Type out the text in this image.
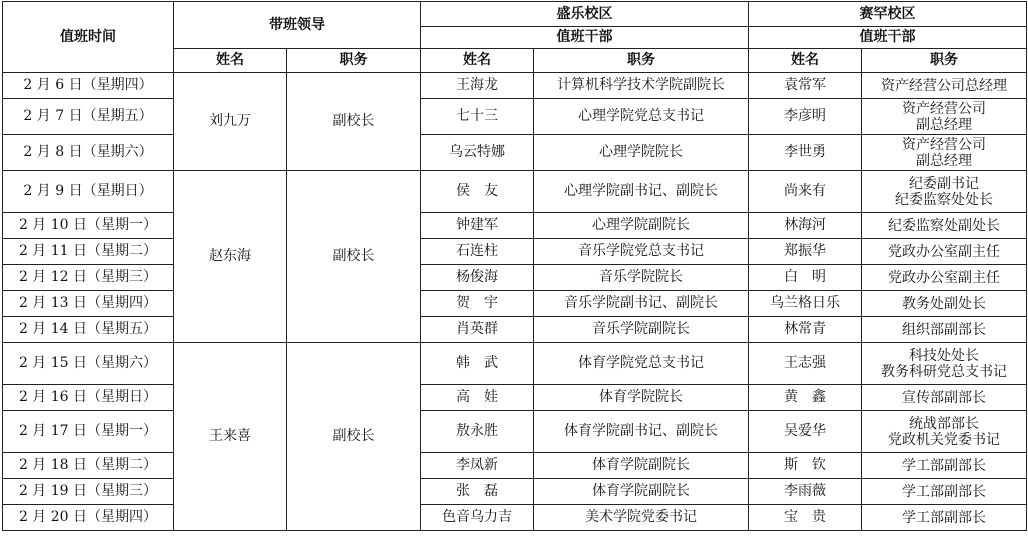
值班时间	带班领导		盛乐校区		赛罕校区	
			值班干部		值班干部	
	姓名	职务	姓名	职务	姓名	职务
2 月 6 日（星期四）	刘九万	副校长	王海龙	计算机科学技术学院副院长	袁常军	资产经营公司总经理
2 月 7 日（星期五）			七十三	心理学院党总支书记	李彦明	资产经营公司
副总经理
2 月 8 日（星期六）			乌云特娜	心理学院院长	李世勇	资产经营公司
副总经理
2 月 9 日（星期日）	赵东海	副校长	侯　友	心理学院副书记、副院长	尚来有	纪委副书记
纪委监察处处长
2 月 10 日（星期一）			钟建军	心理学院副院长	林海河	纪委监察处副处长
2 月 11 日（星期二）			石连柱	音乐学院党总支书记	郑振华	党政办公室副主任
2 月 12 日（星期三）			杨俊海	音乐学院院长	白　明	党政办公室副主任
2 月 13 日（星期四）			贺　宇	音乐学院副书记、副院长	乌兰格日乐	教务处副处长
2 月 14 日（星期五）			肖英群	音乐学院副院长	林常青	组织部副部长
2 月 15 日（星期六）	王来喜	副校长	韩　武	体育学院党总支书记	王志强	科技处处长
教务科研党总支书记
2 月 16 日（星期日）			高　娃	体育学院院长	黄　鑫	宣传部副部长
2 月 17 日（星期一）			敖永胜	体育学院副书记、副院长	吴爱华	统战部部长
党政机关党委书记
2 月 18 日（星期二）			李凤新	体育学院副院长	斯　钦	学工部副部长
2 月 19 日（星期三）			张　磊	体育学院副院长	李雨薇	学工部副部长
2 月 20 日（星期四）			色音乌力吉	美术学院党委书记	宝　贵	学工部副部长
